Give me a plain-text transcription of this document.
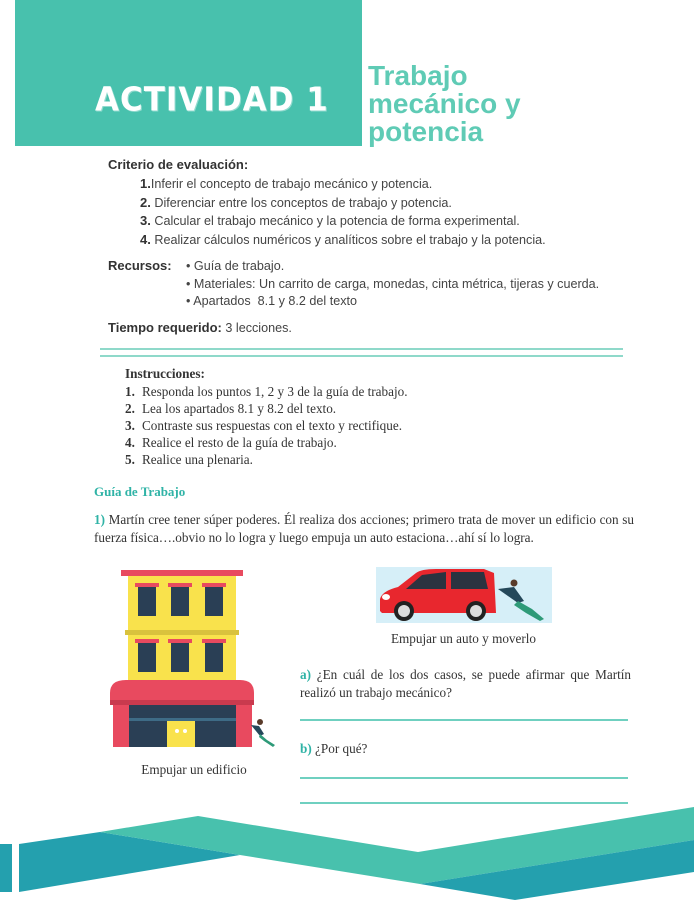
ACTIVIDAD 1
Trabajo
mecánico y
potencia
Criterio de evaluación:
1.Inferir el concepto de trabajo mecánico y potencia.
2. Diferenciar entre los conceptos de trabajo y potencia.
3. Calcular el trabajo mecánico y la potencia de forma experimental.
4. Realizar cálculos numéricos y analíticos sobre el trabajo y la potencia.
Recursos: • Guía de trabajo.
• Materiales: Un carrito de carga, monedas, cinta métrica, tijeras y cuerda.
• Apartados  8.1 y 8.2 del texto
Tiempo requerido: 3 lecciones.
Instrucciones:
1. Responda los puntos 1, 2 y 3 de la guía de trabajo.
2. Lea los apartados 8.1 y 8.2 del texto.
3. Contraste sus respuestas con el texto y rectifique.
4. Realice el resto de la guía de trabajo.
5. Realice una plenaria.
Guía de Trabajo
1) Martín cree tener súper poderes. Él realiza dos acciones; primero trata de mover un edificio con su fuerza física….obvio no lo logra y luego empuja un auto estaciona…ahí sí lo logra.
Empujar un edificio
Empujar un auto y moverlo
a) ¿En cuál de los dos casos, se puede afirmar que Martín realizó un trabajo mecánico?
b) ¿Por qué?
